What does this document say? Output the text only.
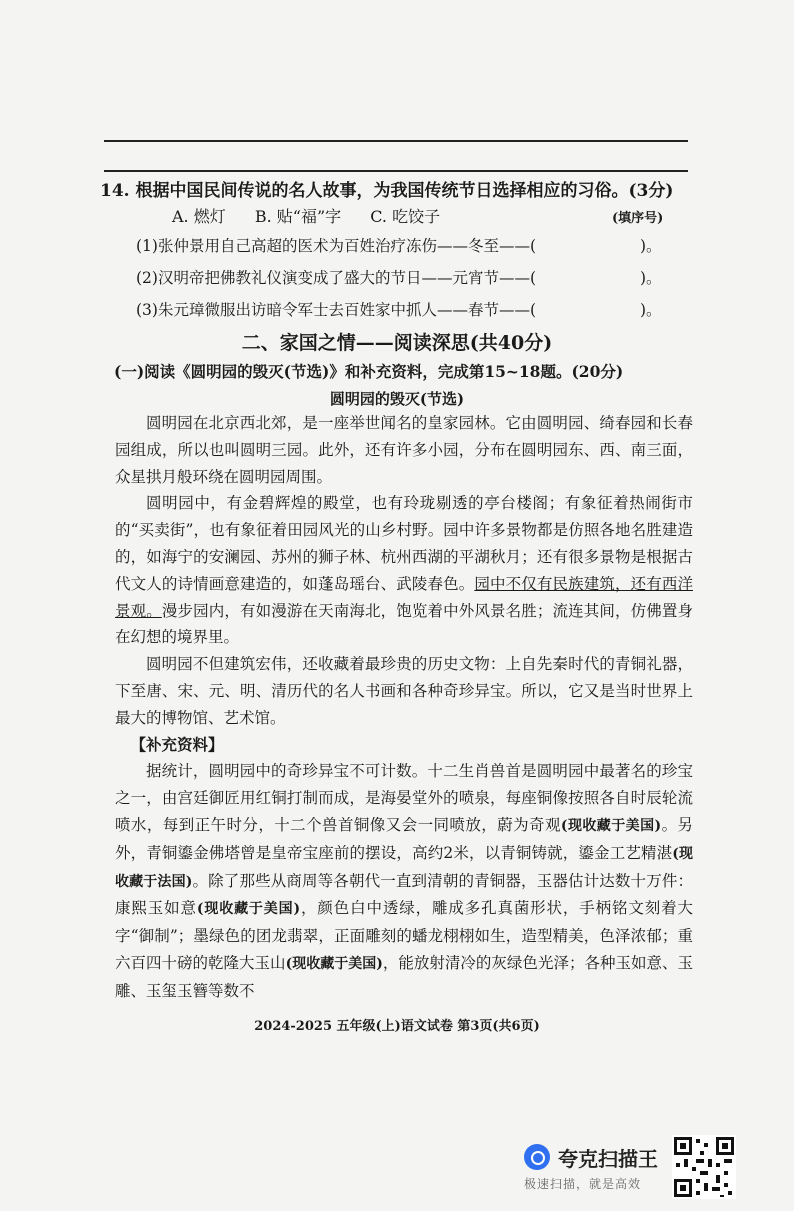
14. 根据中国民间传说的名人故事，为我国传统节日选择相应的习俗。(3分)
A. 燃灯 B. 贴“福”字 C. 吃饺子	(填序号)
(1)张仲景用自己高超的医术为百姓治疗冻伤——冬至——(	)。
(2)汉明帝把佛教礼仪演变成了盛大的节日——元宵节——(	)。
(3)朱元璋微服出访暗令军士去百姓家中抓人——春节——(	)。
二、家国之情——阅读深思(共40分)
(一)阅读《圆明园的毁灭(节选)》和补充资料，完成第15~18题。(20分)
圆明园的毁灭(节选)

圆明园在北京西北郊，是一座举世闻名的皇家园林。它由圆明园、绮春园和长春园组成，所以也叫圆明三园。此外，还有许多小园，分布在圆明园东、西、南三面，众星拱月般环绕在圆明园周围。

圆明园中，有金碧辉煌的殿堂，也有玲珑剔透的亭台楼阁；有象征着热闹街市的“买卖街”，也有象征着田园风光的山乡村野。园中许多景物都是仿照各地名胜建造的，如海宁的安澜园、苏州的狮子林、杭州西湖的平湖秋月；还有很多景物是根据古代文人的诗情画意建造的，如蓬岛瑶台、武陵春色。园中不仅有民族建筑，还有西洋景观。漫步园内，有如漫游在天南海北，饱览着中外风景名胜；流连其间，仿佛置身在幻想的境界里。

圆明园不但建筑宏伟，还收藏着最珍贵的历史文物：上自先秦时代的青铜礼器，下至唐、宋、元、明、清历代的名人书画和各种奇珍异宝。所以，它又是当时世界上最大的博物馆、艺术馆。

【补充资料】

据统计，圆明园中的奇珍异宝不可计数。十二生肖兽首是圆明园中最著名的珍宝之一，由宫廷御匠用红铜打制而成，是海晏堂外的喷泉，每座铜像按照各自时辰轮流喷水，每到正午时分，十二个兽首铜像又会一同喷放，蔚为奇观(现收藏于美国)。另外，青铜鎏金佛塔曾是皇帝宝座前的摆设，高约2米，以青铜铸就，鎏金工艺精湛(现收藏于法国)。除了那些从商周等各朝代一直到清朝的青铜器，玉器估计达数十万件：康熙玉如意(现收藏于美国)，颜色白中透绿，雕成多孔真菌形状，手柄铭文刻着大字“御制”；墨绿色的团龙翡翠，正面雕刻的蟠龙栩栩如生，造型精美，色泽浓郁；重六百四十磅的乾隆大玉山(现收藏于美国)，能放射清冷的灰绿色光泽；各种玉如意、玉雕、玉玺玉簪等数不

2024-2025 五年级(上)语文试卷 第3页(共6页)
夸克扫描王
极速扫描，就是高效
